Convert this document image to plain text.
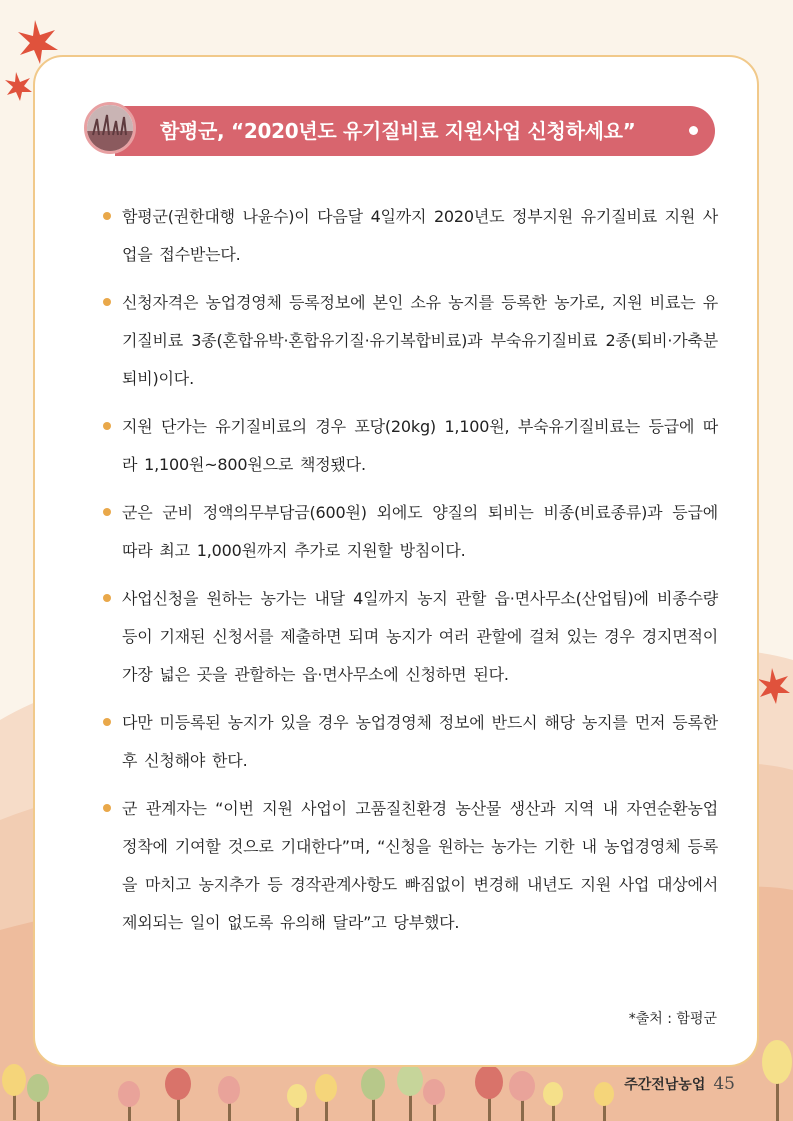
함평군, “2020년도 유기질비료 지원사업 신청하세요”
함평군(권한대행 나윤수)이 다음달 4일까지 2020년도 정부지원 유기질비료 지원 사업을 접수받는다.
신청자격은 농업경영체 등록정보에 본인 소유 농지를 등록한 농가로, 지원 비료는 유기질비료 3종(혼합유박·혼합유기질·유기복합비료)과 부숙유기질비료 2종(퇴비·가축분퇴비)이다.
지원 단가는 유기질비료의 경우 포당(20kg) 1,100원, 부숙유기질비료는 등급에 따라 1,100원~800원으로 책정됐다.
군은 군비 정액의무부담금(600원) 외에도 양질의 퇴비는 비종(비료종류)과 등급에 따라 최고 1,000원까지 추가로 지원할 방침이다.
사업신청을 원하는 농가는 내달 4일까지 농지 관할 읍·면사무소(산업팀)에 비종수량 등이 기재된 신청서를 제출하면 되며 농지가 여러 관할에 걸쳐 있는 경우 경지면적이 가장 넓은 곳을 관할하는 읍·면사무소에 신청하면 된다.
다만 미등록된 농지가 있을 경우 농업경영체 정보에 반드시 해당 농지를 먼저 등록한 후 신청해야 한다.
군 관계자는 “이번 지원 사업이 고품질친환경 농산물 생산과 지역 내 자연순환농업 정착에 기여할 것으로 기대한다”며, “신청을 원하는 농가는 기한 내 농업경영체 등록을 마치고 농지추가 등 경작관계사항도 빠짐없이 변경해 내년도 지원 사업 대상에서 제외되는 일이 없도록 유의해 달라”고 당부했다.
*출처 : 함평군
주간전남농업 45
